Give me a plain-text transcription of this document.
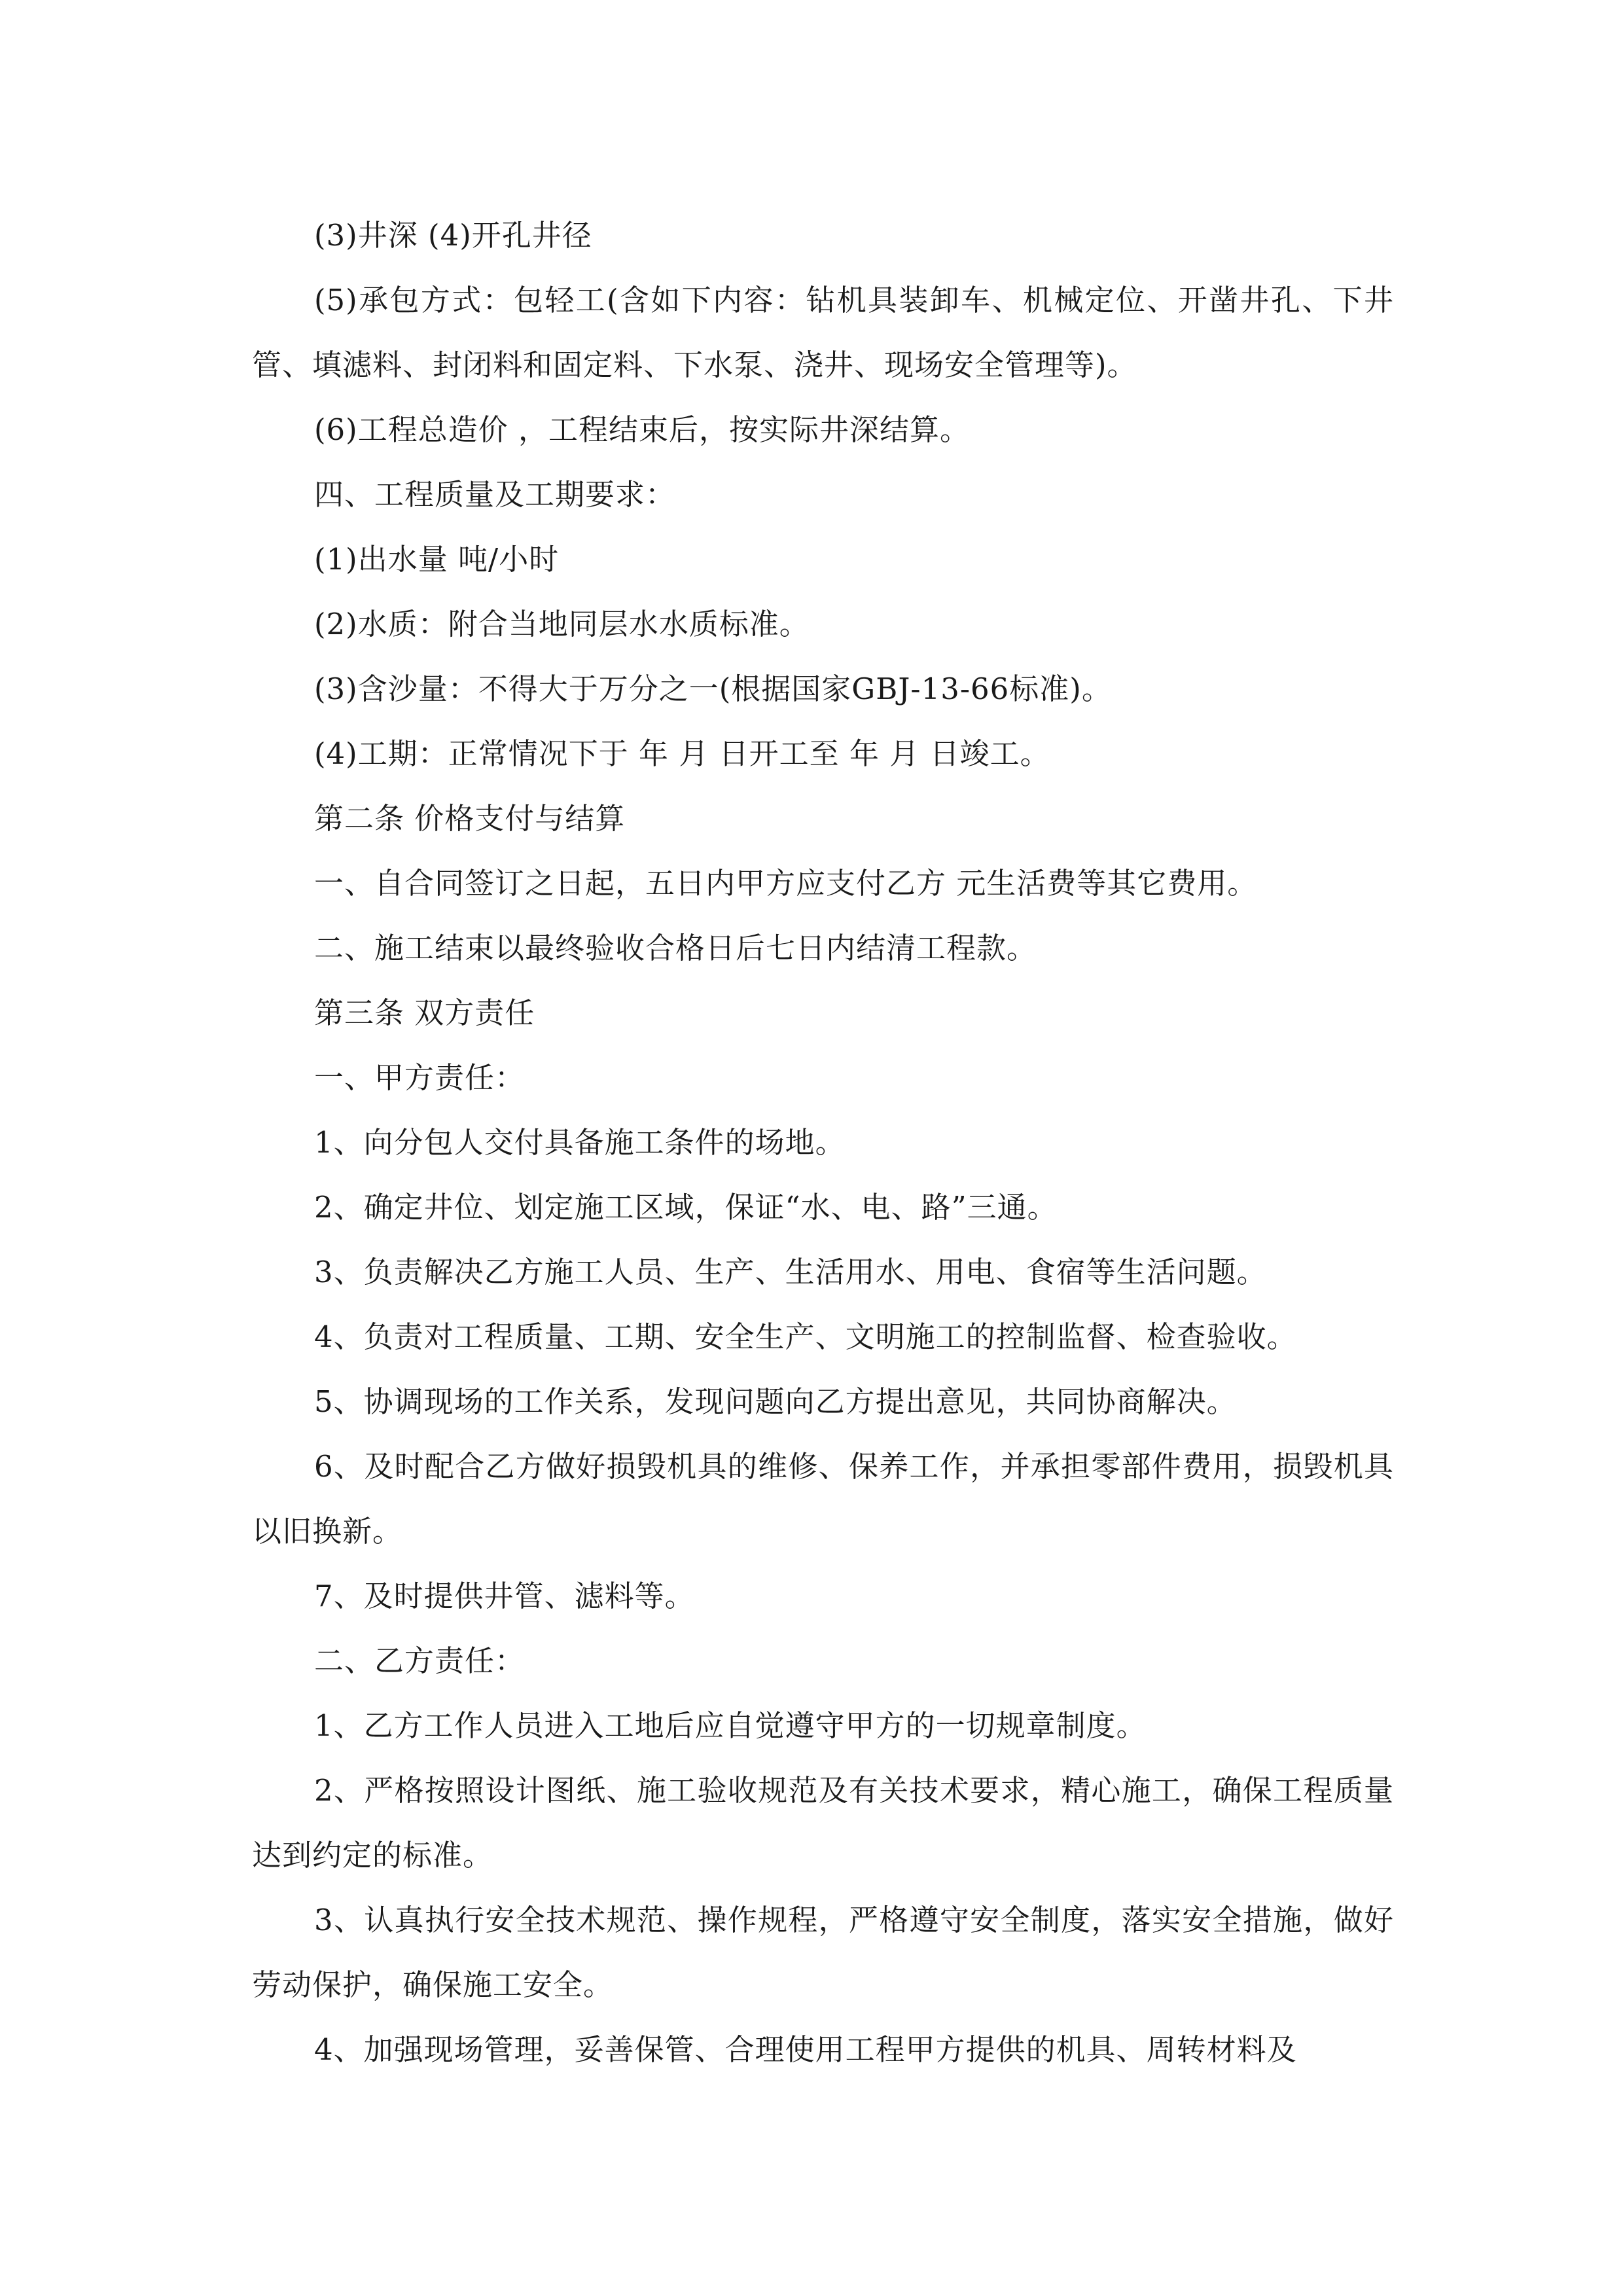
(3)井深 (4)开孔井径

(5)承包方式：包轻工(含如下内容：钻机具装卸车、机械定位、开凿井孔、下井管、填滤料、封闭料和固定料、下水泵、浇井、现场安全管理等)。

(6)工程总造价 ，工程结束后，按实际井深结算。

四、工程质量及工期要求：

(1)出水量 吨/小时

(2)水质：附合当地同层水水质标准。

(3)含沙量：不得大于万分之一(根据国家GBJ-13-66标准)。

(4)工期：正常情况下于 年 月 日开工至 年 月 日竣工。

第二条 价格支付与结算

一、自合同签订之日起，五日内甲方应支付乙方 元生活费等其它费用。

二、施工结束以最终验收合格日后七日内结清工程款。

第三条 双方责任

一、甲方责任：

1、向分包人交付具备施工条件的场地。

2、确定井位、划定施工区域，保证“水、电、路”三通。

3、负责解决乙方施工人员、生产、生活用水、用电、食宿等生活问题。

4、负责对工程质量、工期、安全生产、文明施工的控制监督、检查验收。

5、协调现场的工作关系，发现问题向乙方提出意见，共同协商解决。

6、及时配合乙方做好损毁机具的维修、保养工作，并承担零部件费用，损毁机具以旧换新。

7、及时提供井管、滤料等。

二、乙方责任：

1、乙方工作人员进入工地后应自觉遵守甲方的一切规章制度。

2、严格按照设计图纸、施工验收规范及有关技术要求，精心施工，确保工程质量达到约定的标准。

3、认真执行安全技术规范、操作规程，严格遵守安全制度，落实安全措施，做好劳动保护，确保施工安全。

4、加强现场管理，妥善保管、合理使用工程甲方提供的机具、周转材料及
